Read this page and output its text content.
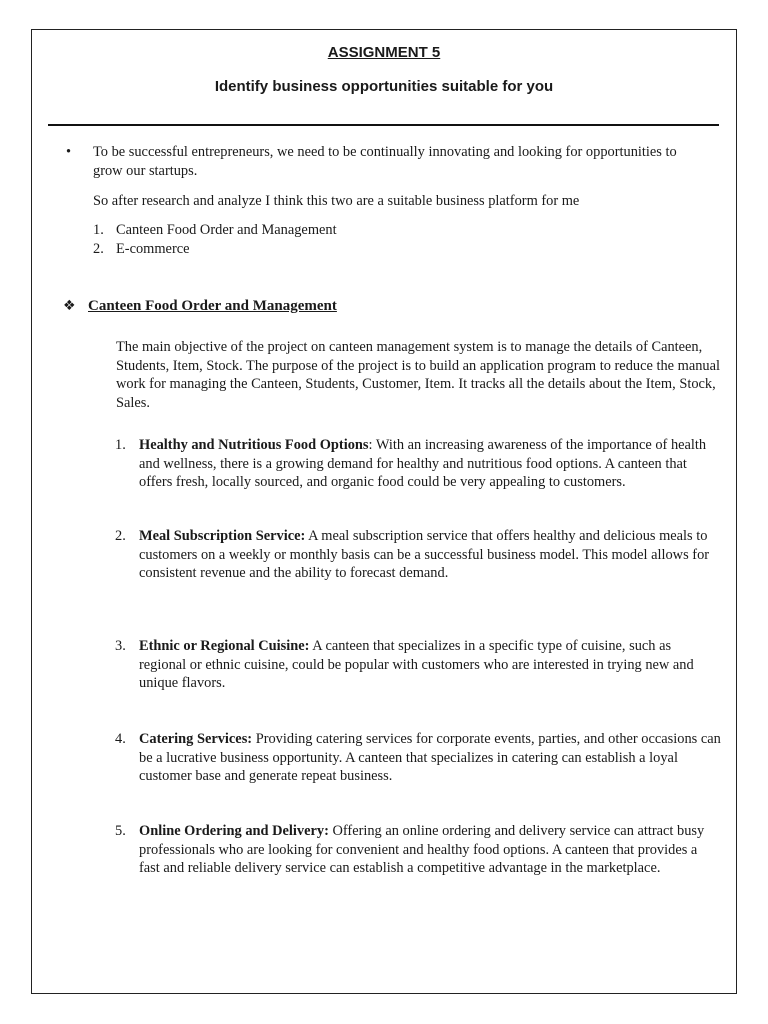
ASSIGNMENT 5
Identify business opportunities suitable for you
•	To be successful entrepreneurs, we need to be continually innovating and looking for opportunities to grow our startups.
So after research and analyze I think this two are a suitable business platform for me
1. Canteen Food Order and Management
2. E-commerce
❖ Canteen Food Order and Management
The main objective of the project on canteen management system is to manage the details of Canteen, Students, Item, Stock. The purpose of the project is to build an application program to reduce the manual work for managing the Canteen, Students, Customer, Item. It tracks all the details about the Item, Stock, Sales.
1. Healthy and Nutritious Food Options: With an increasing awareness of the importance of health and wellness, there is a growing demand for healthy and nutritious food options. A canteen that offers fresh, locally sourced, and organic food could be very appealing to customers.
2. Meal Subscription Service: A meal subscription service that offers healthy and delicious meals to customers on a weekly or monthly basis can be a successful business model. This model allows for consistent revenue and the ability to forecast demand.
3. Ethnic or Regional Cuisine: A canteen that specializes in a specific type of cuisine, such as regional or ethnic cuisine, could be popular with customers who are interested in trying new and unique flavors.
4. Catering Services: Providing catering services for corporate events, parties, and other occasions can be a lucrative business opportunity. A canteen that specializes in catering can establish a loyal customer base and generate repeat business.
5. Online Ordering and Delivery: Offering an online ordering and delivery service can attract busy professionals who are looking for convenient and healthy food options. A canteen that provides a fast and reliable delivery service can establish a competitive advantage in the marketplace.
